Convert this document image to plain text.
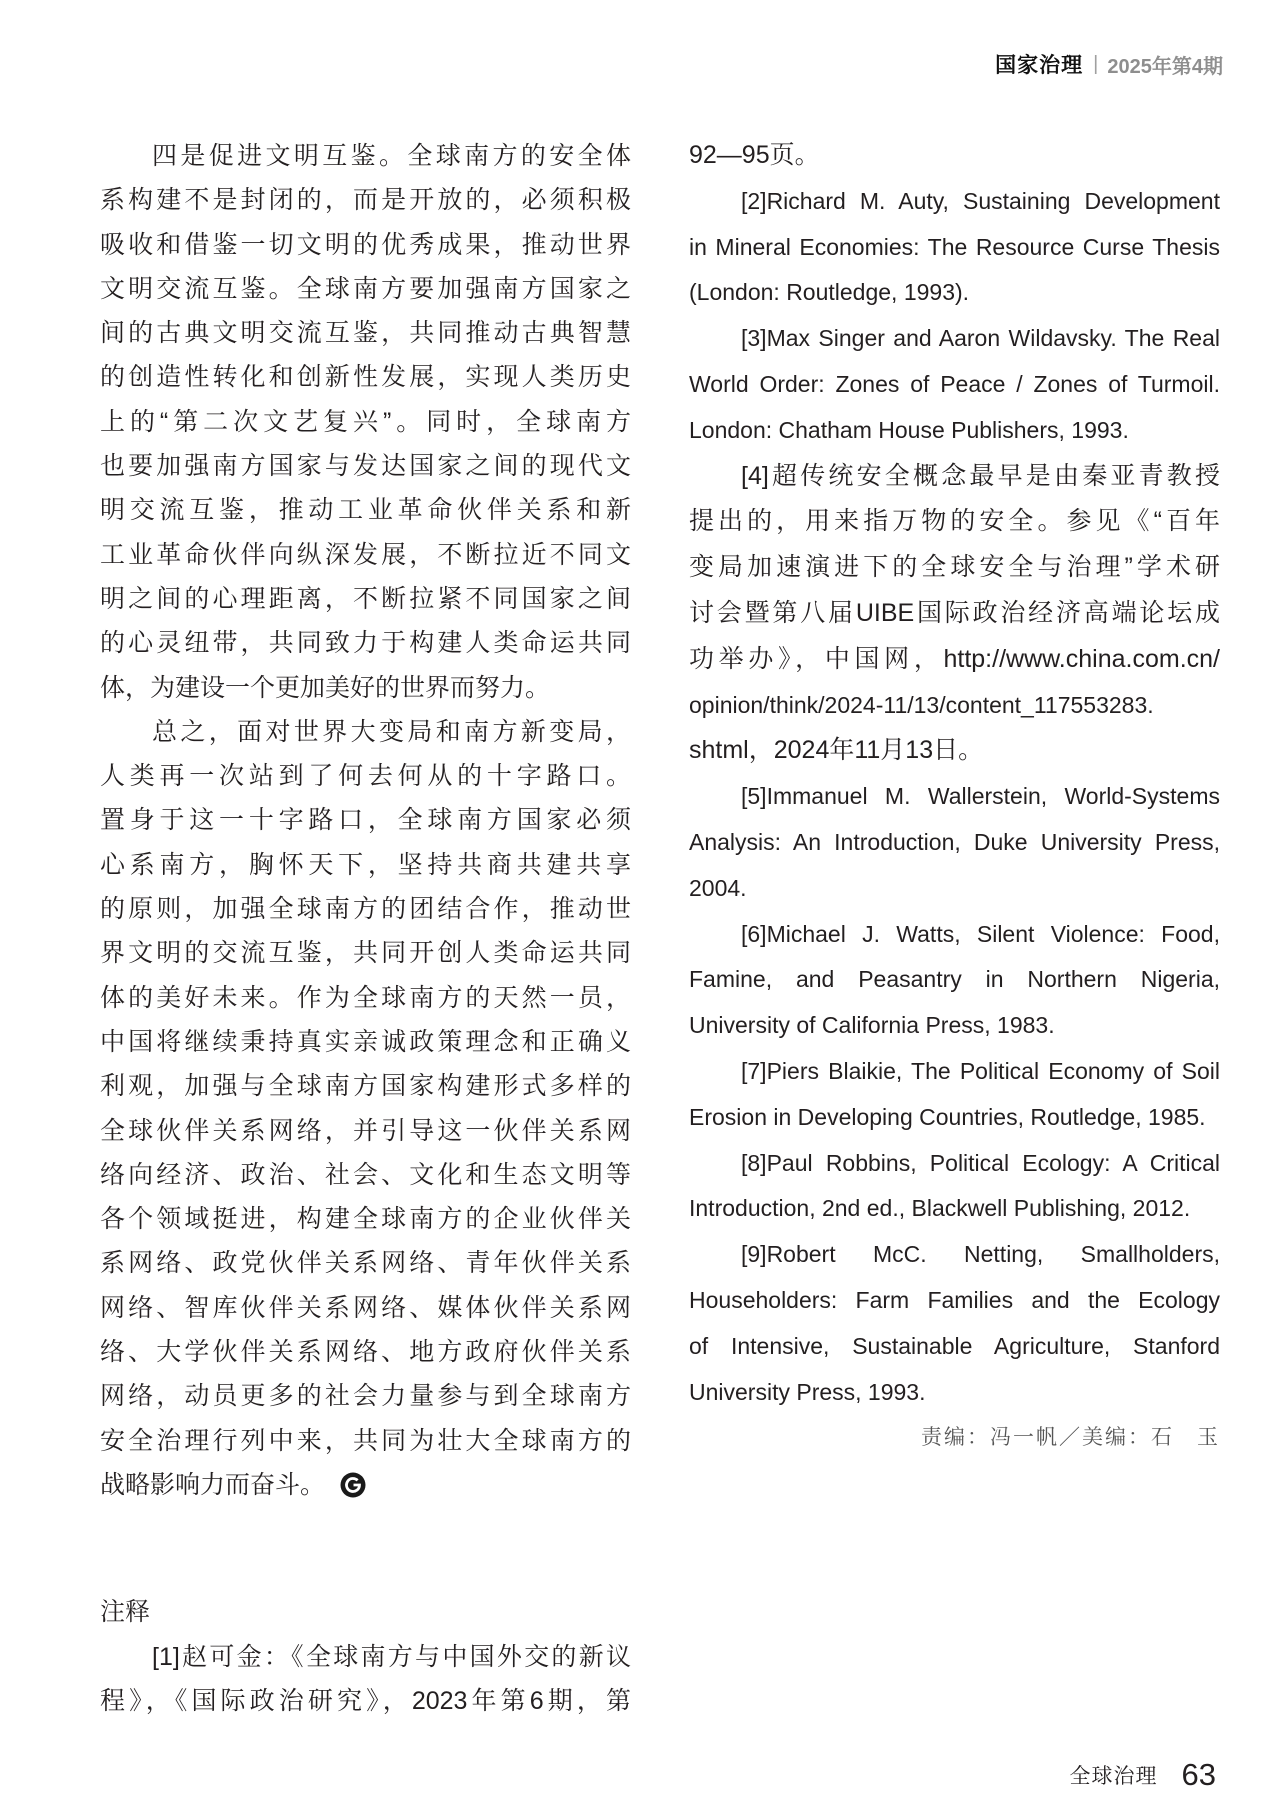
国家治理 | 2025年第4期
四是促进文明互鉴。全球南方的安全体
系构建不是封闭的，而是开放的，必须积极
吸收和借鉴一切文明的优秀成果，推动世界
文明交流互鉴。全球南方要加强南方国家之
间的古典文明交流互鉴，共同推动古典智慧
的创造性转化和创新性发展，实现人类历史
上的“第二次文艺复兴”。同时，全球南方
也要加强南方国家与发达国家之间的现代文
明交流互鉴，推动工业革命伙伴关系和新
工业革命伙伴向纵深发展，不断拉近不同文
明之间的心理距离，不断拉紧不同国家之间
的心灵纽带，共同致力于构建人类命运共同
体，为建设一个更加美好的世界而努力。
总之，面对世界大变局和南方新变局，
人类再一次站到了何去何从的十字路口。
置身于这一十字路口，全球南方国家必须
心系南方，胸怀天下，坚持共商共建共享
的原则，加强全球南方的团结合作，推动世
界文明的交流互鉴，共同开创人类命运共同
体的美好未来。作为全球南方的天然一员，
中国将继续秉持真实亲诚政策理念和正确义
利观，加强与全球南方国家构建形式多样的
全球伙伴关系网络，并引导这一伙伴关系网
络向经济、政治、社会、文化和生态文明等
各个领域挺进，构建全球南方的企业伙伴关
系网络、政党伙伴关系网络、青年伙伴关系
网络、智库伙伴关系网络、媒体伙伴关系网
络、大学伙伴关系网络、地方政府伙伴关系
网络，动员更多的社会力量参与到全球南方
安全治理行列中来，共同为壮大全球南方的
战略影响力而奋斗。
注释
[1]赵可金：《全球南方与中国外交的新议
程》，《国际政治研究》，2023年第6期，第
92—95页。
[2]Richard M. Auty, Sustaining Development
in Mineral Economies: The Resource Curse Thesis
(London: Routledge, 1993).
[3]Max Singer and Aaron Wildavsky. The Real
World Order: Zones of Peace / Zones of Turmoil.
London: Chatham House Publishers, 1993.
[4]超传统安全概念最早是由秦亚青教授
提出的，用来指万物的安全。参见《“百年
变局加速演进下的全球安全与治理”学术研
讨会暨第八届UIBE国际政治经济高端论坛成
功举办》，中国网，http://www.china.com.cn/
opinion/think/2024-11/13/content_117553283.
shtml，2024年11月13日。
[5]Immanuel M. Wallerstein, World-Systems
Analysis: An Introduction, Duke University Press,
2004.
[6]Michael J. Watts, Silent Violence: Food,
Famine, and Peasantry in Northern Nigeria,
University of California Press, 1983.
[7]Piers Blaikie, The Political Economy of Soil
Erosion in Developing Countries, Routledge, 1985.
[8]Paul Robbins, Political Ecology: A Critical
Introduction, 2nd ed., Blackwell Publishing, 2012.
[9]Robert McC. Netting, Smallholders,
Householders: Farm Families and the Ecology
of Intensive, Sustainable Agriculture, Stanford
University Press, 1993.
责编：冯一帆／美编：石　玉
全球治理 63
